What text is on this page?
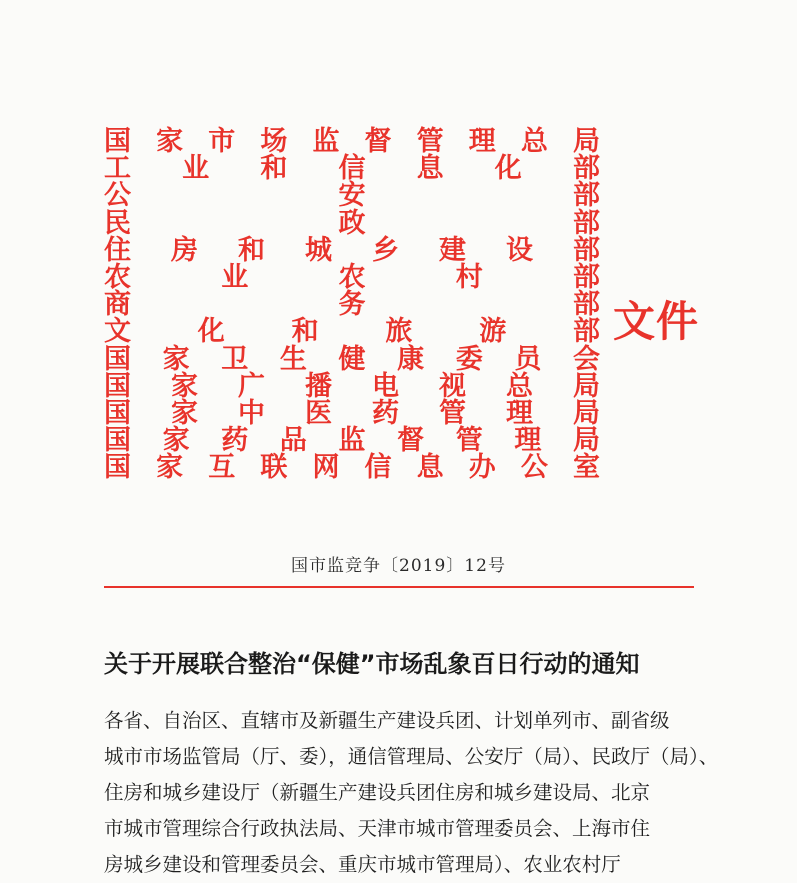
国 家 市 场 监 督 管 理 总 局
工 业 和 信 息 化 部
公	安	部
民	政	部
住 房 和 城 乡 建 设 部
农	业	农	村	部
商	务	部
文 化 和 旅 游 部
国 家 卫 生 健 康 委 员 会
国 家 广 播 电 视 总 局
国 家 中 医 药 管 理 局
国 家 药 品 监 督 管 理 局
国 家 互 联 网 信 息 办 公 室
文件
国市监竞争〔2019〕12号
关于开展联合整治“保健”市场乱象百日行动的通知
各省、自治区、直辖市及新疆生产建设兵团、计划单列市、副省级
城市市场监管局（厅、委），通信管理局、公安厅（局）、民政厅（局）、
住房和城乡建设厅（新疆生产建设兵团住房和城乡建设局、北京
市城市管理综合行政执法局、天津市城市管理委员会、上海市住
房城乡建设和管理委员会、重庆市城市管理局）、农业农村厅
